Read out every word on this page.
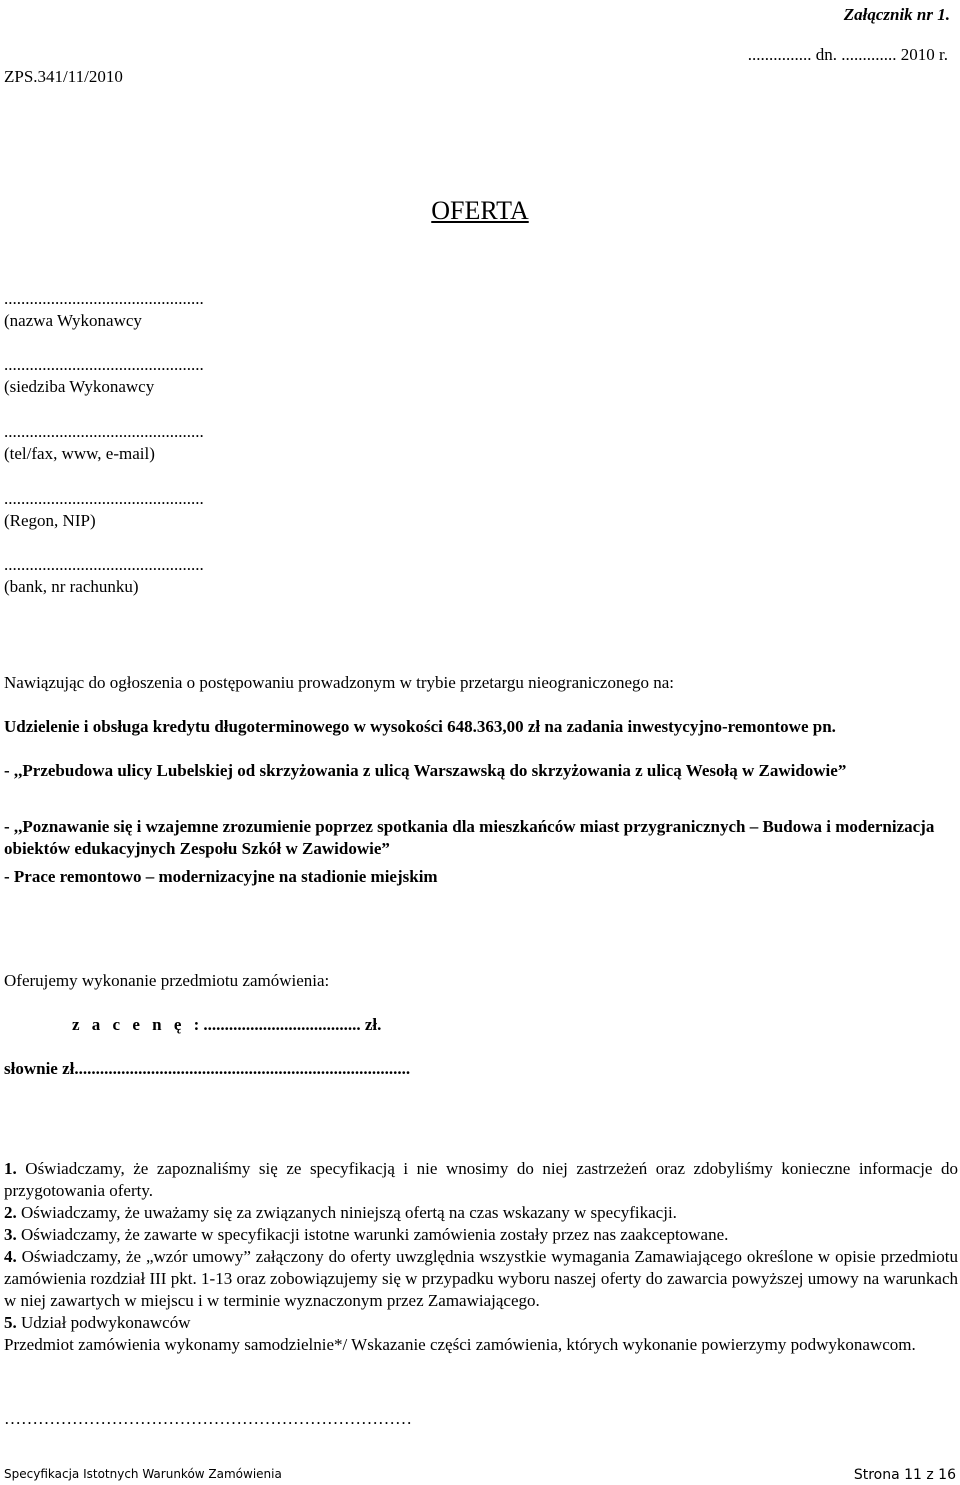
Załącznik nr 1.
............... dn. ............. 2010 r.
ZPS.341/11/2010
OFERTA
...............................................
(nazwa Wykonawcy
...............................................
(siedziba Wykonawcy
...............................................
(tel/fax, www, e-mail)
...............................................
(Regon, NIP)
...............................................
(bank, nr rachunku)
Nawiązując do ogłoszenia o postępowaniu prowadzonym w trybie przetargu nieograniczonego na:
Udzielenie i obsługa kredytu długoterminowego w wysokości 648.363,00 zł na zadania inwestycyjno-remontowe pn.
- ,,Przebudowa ulicy Lubelskiej od skrzyżowania z ulicą Warszawską do skrzyżowania z ulicą Wesołą w Zawidowie”
- ,,Poznawanie się i wzajemne zrozumienie poprzez spotkania dla mieszkańców miast przygranicznych – Budowa i modernizacja obiektów edukacyjnych Zespołu Szkół w Zawidowie”
- Prace remontowo – modernizacyjne na stadionie miejskim
Oferujemy wykonanie przedmiotu zamówienia:
z a c e n ę :..................................... zł.
słownie zł...............................................................................
1. Oświadczamy, że zapoznaliśmy się ze specyfikacją i nie wnosimy do niej zastrzeżeń oraz zdobyliśmy konieczne informacje do przygotowania oferty.
2. Oświadczamy, że uważamy się za związanych niniejszą ofertą na czas wskazany w specyfikacji.
3. Oświadczamy, że zawarte w specyfikacji istotne warunki zamówienia zostały przez nas zaakceptowane.
4. Oświadczamy, że „wzór umowy” załączony do oferty uwzględnia wszystkie wymagania Zamawiającego określone w opisie przedmiotu zamówienia rozdział III pkt. 1-13 oraz zobowiązujemy się w przypadku wyboru naszej oferty do zawarcia powyższej umowy na warunkach w niej zawartych w miejscu i w terminie wyznaczonym przez Zamawiającego.
5. Udział podwykonawców
Przedmiot zamówienia wykonamy samodzielnie*/ Wskazanie części zamówienia, których wykonanie powierzymy podwykonawcom.
………………………………………………………………
Specyfikacja Istotnych Warunków Zamówienia	Strona 11 z 16
